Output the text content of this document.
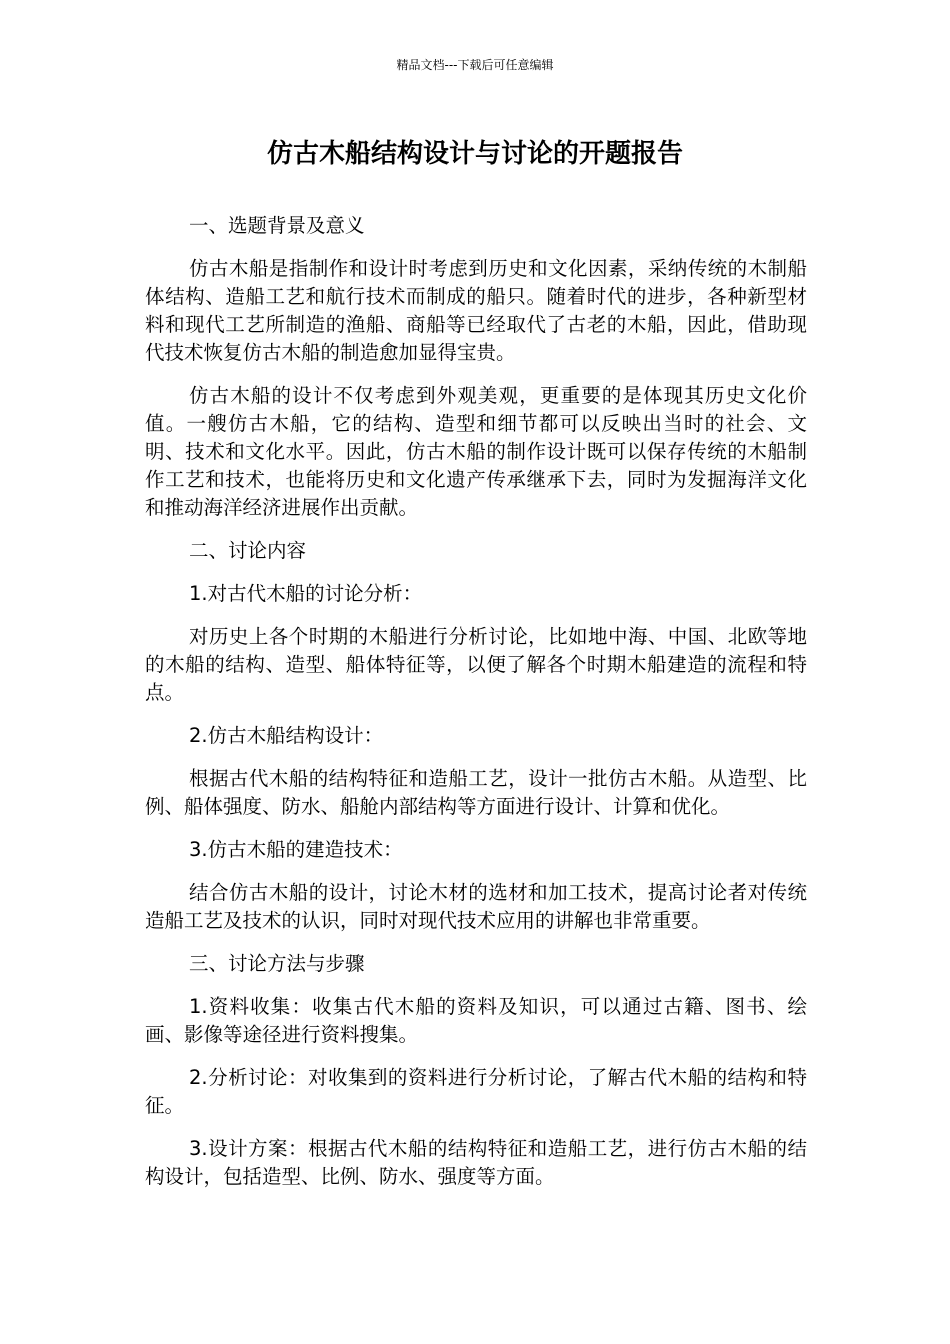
精品文档---下载后可任意编辑
仿古木船结构设计与讨论的开题报告

一、选题背景及意义

仿古木船是指制作和设计时考虑到历史和文化因素，采纳传统的木制船体结构、造船工艺和航行技术而制成的船只。随着时代的进步，各种新型材料和现代工艺所制造的渔船、商船等已经取代了古老的木船，因此，借助现代技术恢复仿古木船的制造愈加显得宝贵。

仿古木船的设计不仅考虑到外观美观，更重要的是体现其历史文化价值。一艘仿古木船，它的结构、造型和细节都可以反映出当时的社会、文明、技术和文化水平。因此，仿古木船的制作设计既可以保存传统的木船制作工艺和技术，也能将历史和文化遗产传承继承下去，同时为发掘海洋文化和推动海洋经济进展作出贡献。

二、讨论内容

1.对古代木船的讨论分析：

对历史上各个时期的木船进行分析讨论，比如地中海、中国、北欧等地的木船的结构、造型、船体特征等，以便了解各个时期木船建造的流程和特点。

2.仿古木船结构设计：

根据古代木船的结构特征和造船工艺，设计一批仿古木船。从造型、比例、船体强度、防水、船舱内部结构等方面进行设计、计算和优化。

3.仿古木船的建造技术：

结合仿古木船的设计，讨论木材的选材和加工技术，提高讨论者对传统造船工艺及技术的认识，同时对现代技术应用的讲解也非常重要。

三、讨论方法与步骤

1.资料收集：收集古代木船的资料及知识，可以通过古籍、图书、绘画、影像等途径进行资料搜集。

2.分析讨论：对收集到的资料进行分析讨论，了解古代木船的结构和特征。

3.设计方案：根据古代木船的结构特征和造船工艺，进行仿古木船的结构设计，包括造型、比例、防水、强度等方面。
